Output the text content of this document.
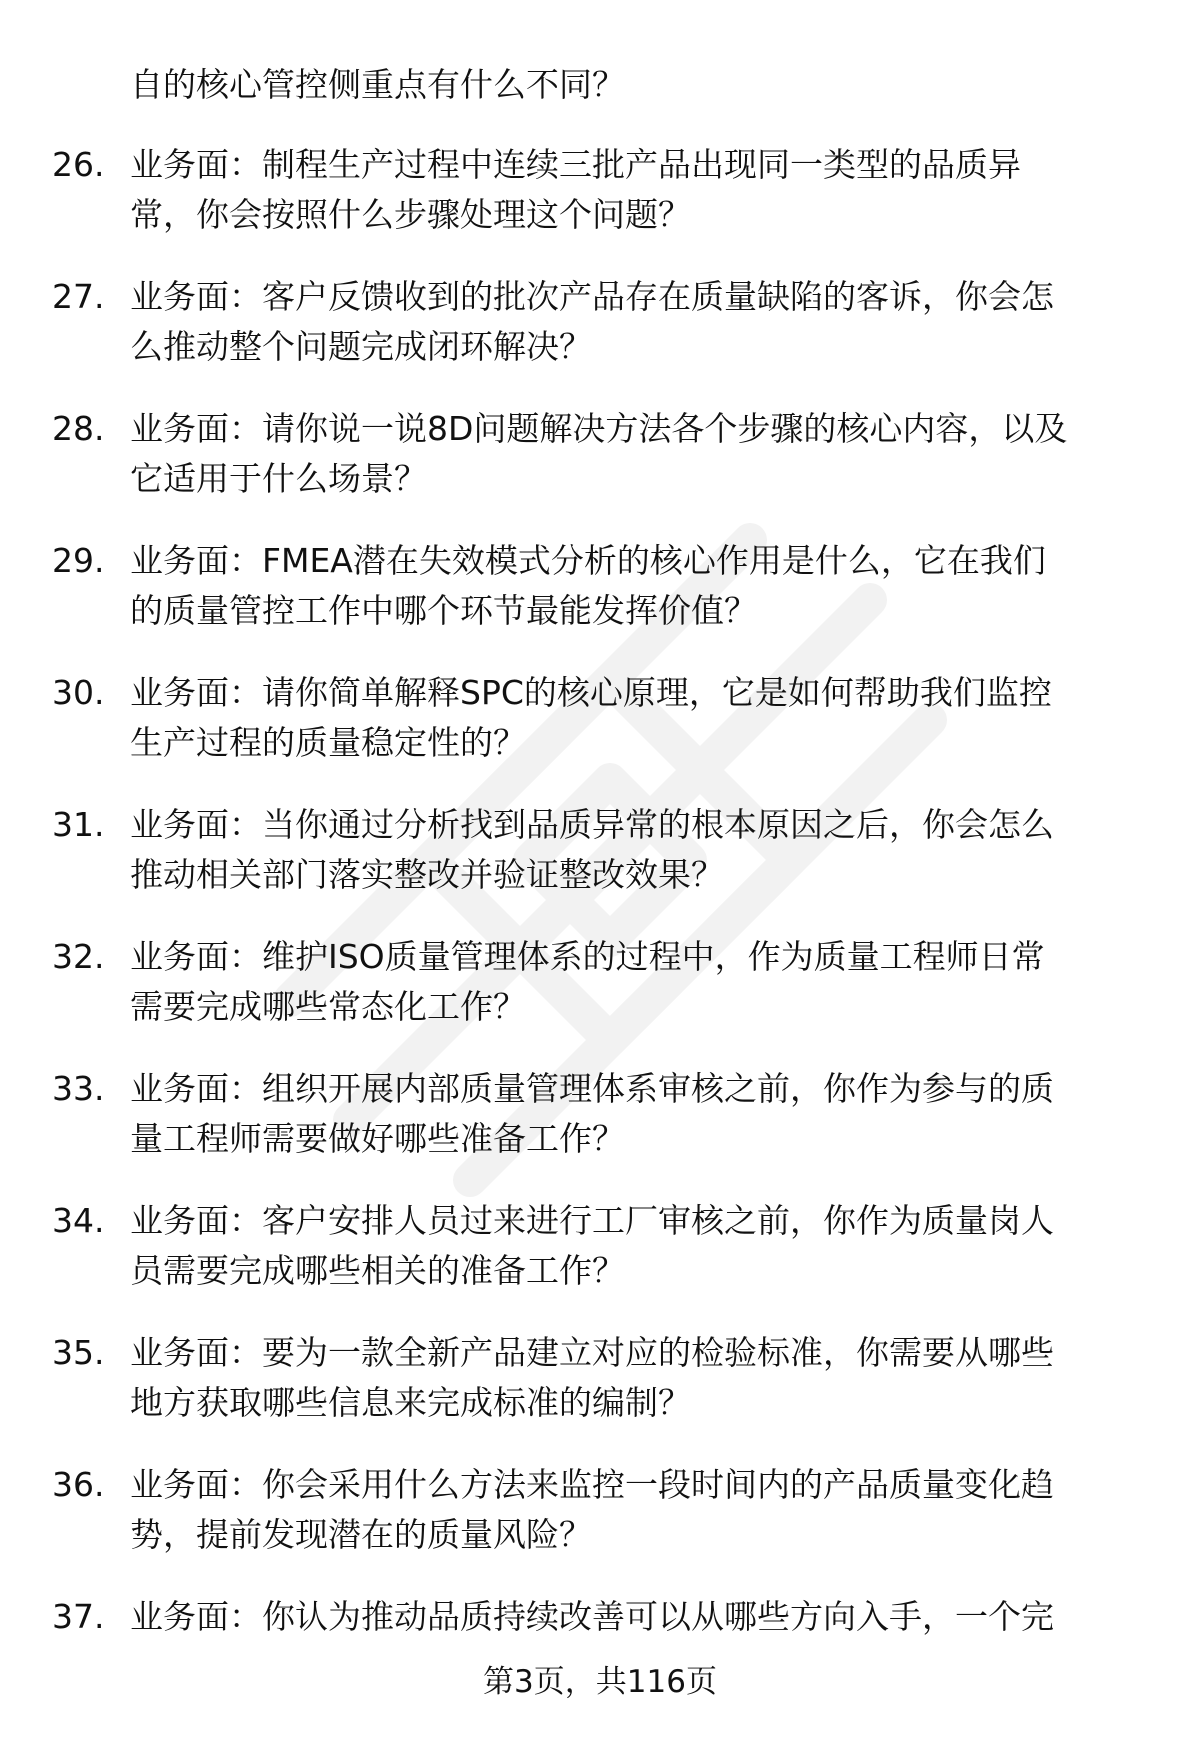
自的核心管控侧重点有什么不同？
26. 业务面：制程生产过程中连续三批产品出现同一类型的品质异
常，你会按照什么步骤处理这个问题？
27. 业务面：客户反馈收到的批次产品存在质量缺陷的客诉，你会怎
么推动整个问题完成闭环解决？
28. 业务面：请你说一说8D问题解决方法各个步骤的核心内容，以及
它适用于什么场景？
29. 业务面：FMEA潜在失效模式分析的核心作用是什么，它在我们
的质量管控工作中哪个环节最能发挥价值？
30. 业务面：请你简单解释SPC的核心原理，它是如何帮助我们监控
生产过程的质量稳定性的？
31. 业务面：当你通过分析找到品质异常的根本原因之后，你会怎么
推动相关部门落实整改并验证整改效果？
32. 业务面：维护ISO质量管理体系的过程中，作为质量工程师日常
需要完成哪些常态化工作？
33. 业务面：组织开展内部质量管理体系审核之前，你作为参与的质
量工程师需要做好哪些准备工作？
34. 业务面：客户安排人员过来进行工厂审核之前，你作为质量岗人
员需要完成哪些相关的准备工作？
35. 业务面：要为一款全新产品建立对应的检验标准，你需要从哪些
地方获取哪些信息来完成标准的编制？
36. 业务面：你会采用什么方法来监控一段时间内的产品质量变化趋
势，提前发现潜在的质量风险？
37. 业务面：你认为推动品质持续改善可以从哪些方向入手，一个完
第3页，共116页
